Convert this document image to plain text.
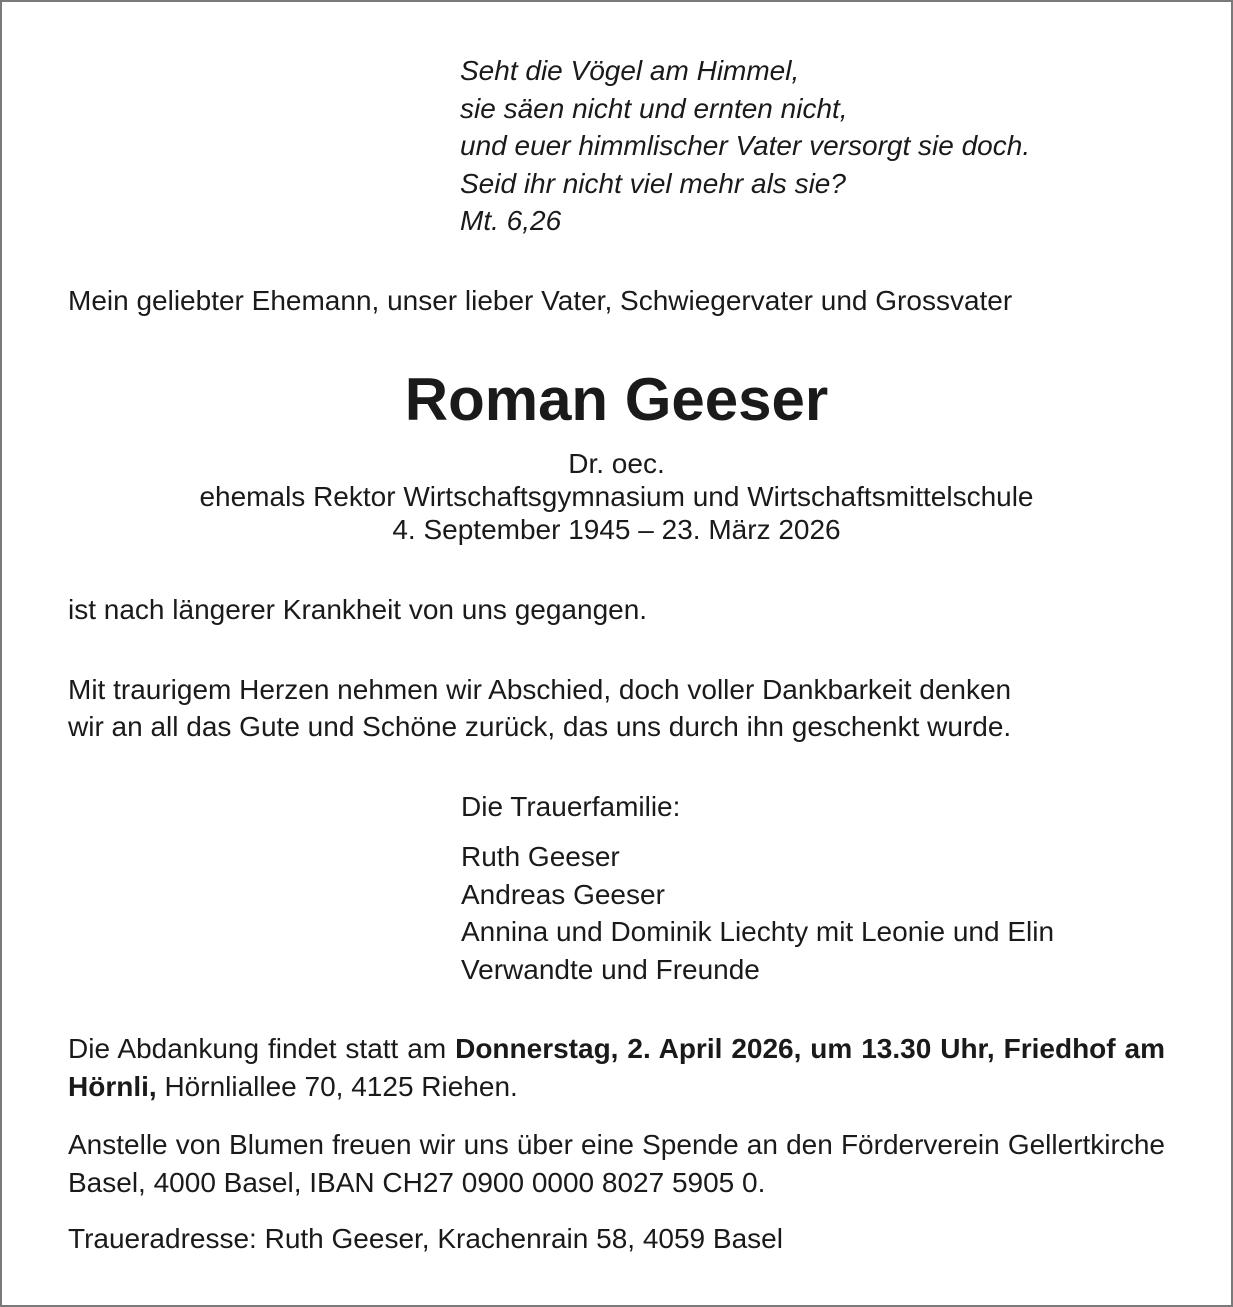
Seht die Vögel am Himmel,
sie säen nicht und ernten nicht,
und euer himmlischer Vater versorgt sie doch.
Seid ihr nicht viel mehr als sie?
Mt. 6,26

Mein geliebter Ehemann, unser lieber Vater, Schwiegervater und Grossvater

Roman Geeser
Dr. oec.
ehemals Rektor Wirtschaftsgymnasium und Wirtschaftsmittelschule
4. September 1945 – 23. März 2026

ist nach längerer Krankheit von uns gegangen.

Mit traurigem Herzen nehmen wir Abschied, doch voller Dankbarkeit denken
wir an all das Gute und Schöne zurück, das uns durch ihn geschenkt wurde.

Die Trauerfamilie:

Ruth Geeser
Andreas Geeser
Annina und Dominik Liechty mit Leonie und Elin
Verwandte und Freunde

Die Abdankung findet statt am Donnerstag, 2. April 2026, um 13.30 Uhr, Friedhof am Hörnli, Hörnliallee 70, 4125 Riehen.

Anstelle von Blumen freuen wir uns über eine Spende an den Förderverein Gellertkirche Basel, 4000 Basel, IBAN CH27 0900 0000 8027 5905 0.

Traueradresse: Ruth Geeser, Krachenrain 58, 4059 Basel
